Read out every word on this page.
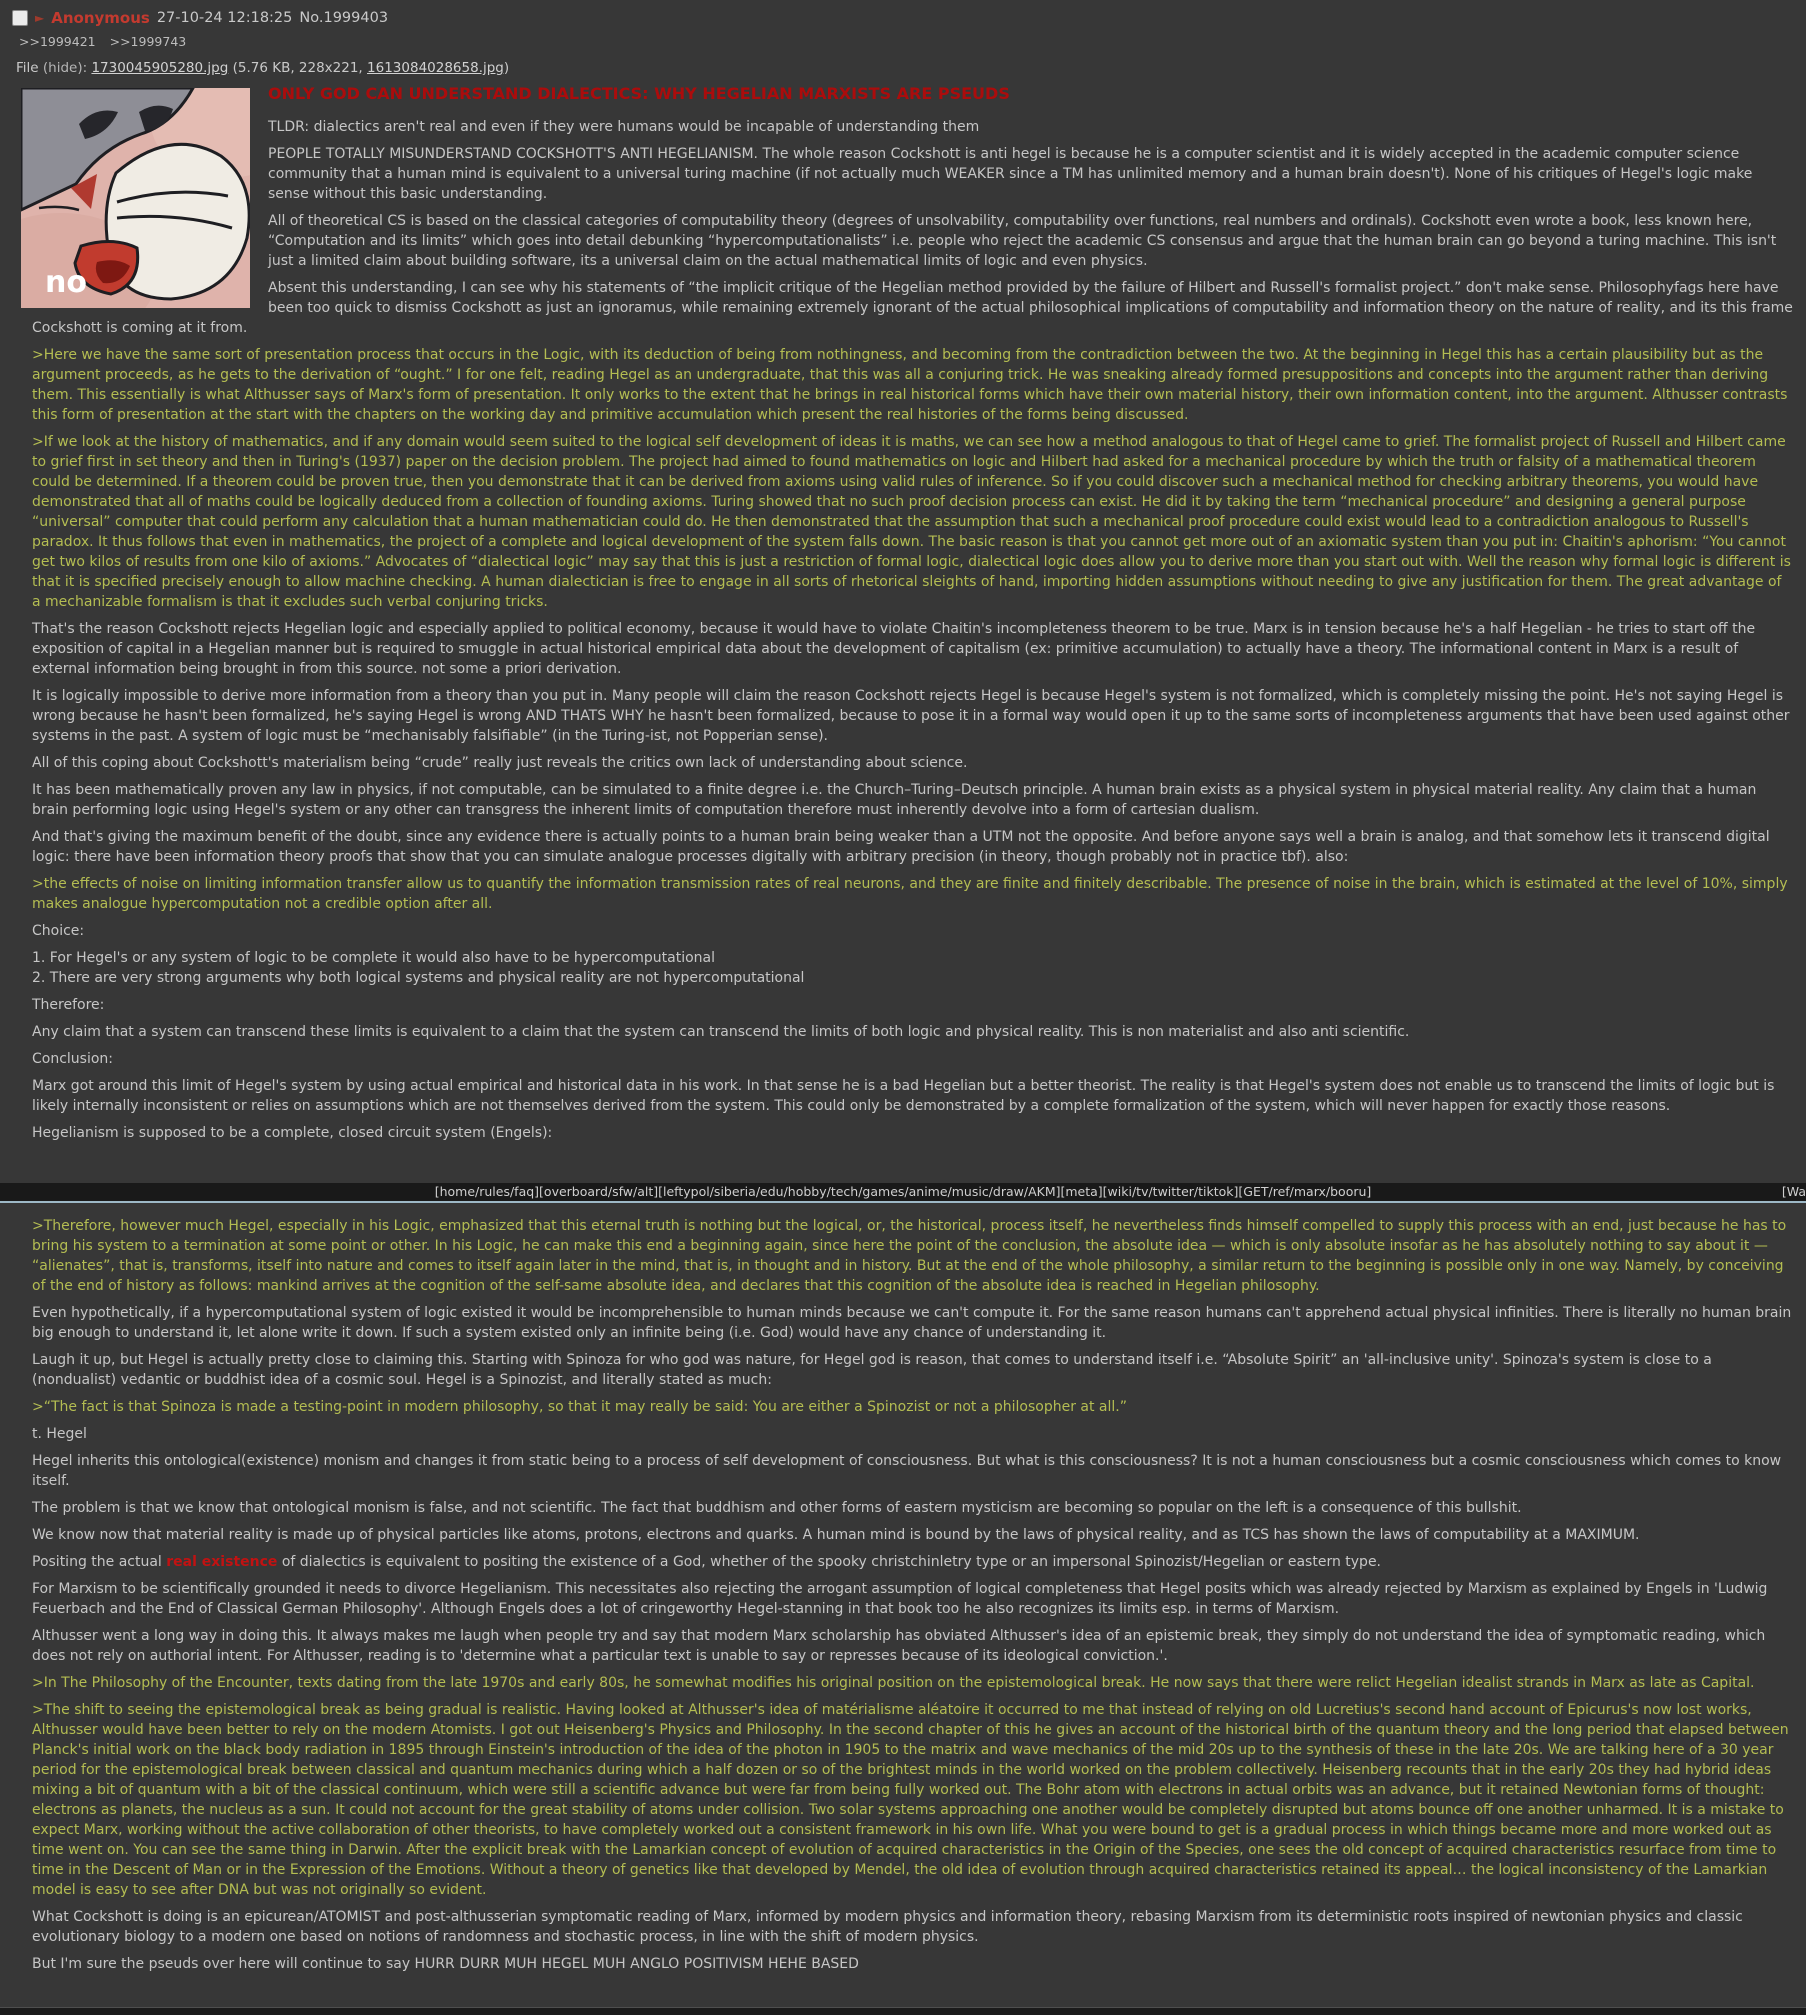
► Anonymous 27-10-24 12:18:25 No.1999403
>>1999421 >>1999743
File (hide): 1730045905280.jpg (5.76 KB, 228x221, 1613084028658.jpg)
no
ONLY GOD CAN UNDERSTAND DIALECTICS: WHY HEGELIAN MARXISTS ARE PSEUDS

TLDR: dialectics aren't real and even if they were humans would be incapable of understanding them

PEOPLE TOTALLY MISUNDERSTAND COCKSHOTT'S ANTI HEGELIANISM. The whole reason Cockshott is anti hegel is because he is a computer scientist and it is widely accepted in the academic computer science community that a human mind is equivalent to a universal turing machine (if not actually much WEAKER since a TM has unlimited memory and a human brain doesn't). None of his critiques of Hegel's logic make sense without this basic understanding.

All of theoretical CS is based on the classical categories of computability theory (degrees of unsolvability, computability over functions, real numbers and ordinals). Cockshott even wrote a book, less known here, “Computation and its limits” which goes into detail debunking “hypercomputationalists” i.e. people who reject the academic CS consensus and argue that the human brain can go beyond a turing machine. This isn't just a limited claim about building software, its a universal claim on the actual mathematical limits of logic and even physics.

Absent this understanding, I can see why his statements of “the implicit critique of the Hegelian method provided by the failure of Hilbert and Russell's formalist project.” don't make sense. Philosophyfags here have been too quick to dismiss Cockshott as just an ignoramus, while remaining extremely ignorant of the actual philosophical implications of computability and information theory on the nature of reality, and its this frame Cockshott is coming at it from.

>Here we have the same sort of presentation process that occurs in the Logic, with its deduction of being from nothingness, and becoming from the contradiction between the two. At the beginning in Hegel this has a certain plausibility but as the argument proceeds, as he gets to the derivation of “ought.” I for one felt, reading Hegel as an undergraduate, that this was all a conjuring trick. He was sneaking already formed presuppositions and concepts into the argument rather than deriving them. This essentially is what Althusser says of Marx's form of presentation. It only works to the extent that he brings in real historical forms which have their own material history, their own information content, into the argument. Althusser contrasts this form of presentation at the start with the chapters on the working day and primitive accumulation which present the real histories of the forms being discussed.

>If we look at the history of mathematics, and if any domain would seem suited to the logical self development of ideas it is maths, we can see how a method analogous to that of Hegel came to grief. The formalist project of Russell and Hilbert came to grief first in set theory and then in Turing's (1937) paper on the decision problem. The project had aimed to found mathematics on logic and Hilbert had asked for a mechanical procedure by which the truth or falsity of a mathematical theorem could be determined. If a theorem could be proven true, then you demonstrate that it can be derived from axioms using valid rules of inference. So if you could discover such a mechanical method for checking arbitrary theorems, you would have demonstrated that all of maths could be logically deduced from a collection of founding axioms. Turing showed that no such proof decision process can exist. He did it by taking the term “mechanical procedure” and designing a general purpose “universal” computer that could perform any calculation that a human mathematician could do. He then demonstrated that the assumption that such a mechanical proof procedure could exist would lead to a contradiction analogous to Russell's paradox. It thus follows that even in mathematics, the project of a complete and logical development of the system falls down. The basic reason is that you cannot get more out of an axiomatic system than you put in: Chaitin's aphorism: “You cannot get two kilos of results from one kilo of axioms.” Advocates of “dialectical logic” may say that this is just a restriction of formal logic, dialectical logic does allow you to derive more than you start out with. Well the reason why formal logic is different is that it is specified precisely enough to allow machine checking. A human dialectician is free to engage in all sorts of rhetorical sleights of hand, importing hidden assumptions without needing to give any justification for them. The great advantage of a mechanizable formalism is that it excludes such verbal conjuring tricks.

That's the reason Cockshott rejects Hegelian logic and especially applied to political economy, because it would have to violate Chaitin's incompleteness theorem to be true. Marx is in tension because he's a half Hegelian - he tries to start off the exposition of capital in a Hegelian manner but is required to smuggle in actual historical empirical data about the development of capitalism (ex: primitive accumulation) to actually have a theory. The informational content in Marx is a result of external information being brought in from this source. not some a priori derivation.

It is logically impossible to derive more information from a theory than you put in. Many people will claim the reason Cockshott rejects Hegel is because Hegel's system is not formalized, which is completely missing the point. He's not saying Hegel is wrong because he hasn't been formalized, he's saying Hegel is wrong AND THATS WHY he hasn't been formalized, because to pose it in a formal way would open it up to the same sorts of incompleteness arguments that have been used against other systems in the past. A system of logic must be “mechanisably falsifiable” (in the Turing-ist, not Popperian sense).

All of this coping about Cockshott's materialism being “crude” really just reveals the critics own lack of understanding about science.

It has been mathematically proven any law in physics, if not computable, can be simulated to a finite degree i.e. the Church–Turing–Deutsch principle. A human brain exists as a physical system in physical material reality. Any claim that a human brain performing logic using Hegel's system or any other can transgress the inherent limits of computation therefore must inherently devolve into a form of cartesian dualism.

And that's giving the maximum benefit of the doubt, since any evidence there is actually points to a human brain being weaker than a UTM not the opposite. And before anyone says well a brain is analog, and that somehow lets it transcend digital logic: there have been information theory proofs that show that you can simulate analogue processes digitally with arbitrary precision (in theory, though probably not in practice tbf). also:

>the effects of noise on limiting information transfer allow us to quantify the information transmission rates of real neurons, and they are finite and finitely describable. The presence of noise in the brain, which is estimated at the level of 10%, simply makes analogue hypercomputation not a credible option after all.

Choice:

1. For Hegel's or any system of logic to be complete it would also have to be hypercomputational

2. There are very strong arguments why both logical systems and physical reality are not hypercomputational

Therefore:

Any claim that a system can transcend these limits is equivalent to a claim that the system can transcend the limits of both logic and physical reality. This is non materialist and also anti scientific.

Conclusion:

Marx got around this limit of Hegel's system by using actual empirical and historical data in his work. In that sense he is a bad Hegelian but a better theorist. The reality is that Hegel's system does not enable us to transcend the limits of logic but is likely internally inconsistent or relies on assumptions which are not themselves derived from the system. This could only be demonstrated by a complete formalization of the system, which will never happen for exactly those reasons.

Hegelianism is supposed to be a complete, closed circuit system (Engels):

[home/rules/faq][overboard/sfw/alt][leftypol/siberia/edu/hobby/tech/games/anime/music/draw/AKM][meta][wiki/tv/twitter/tiktok][GET/ref/marx/booru]	[Wa

>Therefore, however much Hegel, especially in his Logic, emphasized that this eternal truth is nothing but the logical, or, the historical, process itself, he nevertheless finds himself compelled to supply this process with an end, just because he has to bring his system to a termination at some point or other. In his Logic, he can make this end a beginning again, since here the point of the conclusion, the absolute idea — which is only absolute insofar as he has absolutely nothing to say about it — “alienates”, that is, transforms, itself into nature and comes to itself again later in the mind, that is, in thought and in history. But at the end of the whole philosophy, a similar return to the beginning is possible only in one way. Namely, by conceiving of the end of history as follows: mankind arrives at the cognition of the self-same absolute idea, and declares that this cognition of the absolute idea is reached in Hegelian philosophy.

Even hypothetically, if a hypercomputational system of logic existed it would be incomprehensible to human minds because we can't compute it. For the same reason humans can't apprehend actual physical infinities. There is literally no human brain big enough to understand it, let alone write it down. If such a system existed only an infinite being (i.e. God) would have any chance of understanding it.

Laugh it up, but Hegel is actually pretty close to claiming this. Starting with Spinoza for who god was nature, for Hegel god is reason, that comes to understand itself i.e. “Absolute Spirit” an 'all-inclusive unity'. Spinoza's system is close to a (nondualist) vedantic or buddhist idea of a cosmic soul. Hegel is a Spinozist, and literally stated as much:

>“The fact is that Spinoza is made a testing-point in modern philosophy, so that it may really be said: You are either a Spinozist or not a philosopher at all.”

t. Hegel

Hegel inherits this ontological(existence) monism and changes it from static being to a process of self development of consciousness. But what is this consciousness? It is not a human consciousness but a cosmic consciousness which comes to know itself.

The problem is that we know that ontological monism is false, and not scientific. The fact that buddhism and other forms of eastern mysticism are becoming so popular on the left is a consequence of this bullshit.

We know now that material reality is made up of physical particles like atoms, protons, electrons and quarks. A human mind is bound by the laws of physical reality, and as TCS has shown the laws of computability at a MAXIMUM.

Positing the actual real existence of dialectics is equivalent to positing the existence of a God, whether of the spooky christchinletry type or an impersonal Spinozist/Hegelian or eastern type.

For Marxism to be scientifically grounded it needs to divorce Hegelianism. This necessitates also rejecting the arrogant assumption of logical completeness that Hegel posits which was already rejected by Marxism as explained by Engels in 'Ludwig Feuerbach and the End of Classical German Philosophy'. Although Engels does a lot of cringeworthy Hegel-stanning in that book too he also recognizes its limits esp. in terms of Marxism.

Althusser went a long way in doing this. It always makes me laugh when people try and say that modern Marx scholarship has obviated Althusser's idea of an epistemic break, they simply do not understand the idea of symptomatic reading, which does not rely on authorial intent. For Althusser, reading is to 'determine what a particular text is unable to say or represses because of its ideological conviction.'.

>In The Philosophy of the Encounter, texts dating from the late 1970s and early 80s, he somewhat modifies his original position on the epistemological break. He now says that there were relict Hegelian idealist strands in Marx as late as Capital.

>The shift to seeing the epistemological break as being gradual is realistic. Having looked at Althusser's idea of matérialisme aléatoire it occurred to me that instead of relying on old Lucretius's second hand account of Epicurus's now lost works, Althusser would have been better to rely on the modern Atomists. I got out Heisenberg's Physics and Philosophy. In the second chapter of this he gives an account of the historical birth of the quantum theory and the long period that elapsed between Planck's initial work on the black body radiation in 1895 through Einstein's introduction of the idea of the photon in 1905 to the matrix and wave mechanics of the mid 20s up to the synthesis of these in the late 20s. We are talking here of a 30 year period for the epistemological break between classical and quantum mechanics during which a half dozen or so of the brightest minds in the world worked on the problem collectively. Heisenberg recounts that in the early 20s they had hybrid ideas mixing a bit of quantum with a bit of the classical continuum, which were still a scientific advance but were far from being fully worked out. The Bohr atom with electrons in actual orbits was an advance, but it retained Newtonian forms of thought: electrons as planets, the nucleus as a sun. It could not account for the great stability of atoms under collision. Two solar systems approaching one another would be completely disrupted but atoms bounce off one another unharmed. It is a mistake to expect Marx, working without the active collaboration of other theorists, to have completely worked out a consistent framework in his own life. What you were bound to get is a gradual process in which things became more and more worked out as time went on. You can see the same thing in Darwin. After the explicit break with the Lamarkian concept of evolution of acquired characteristics in the Origin of the Species, one sees the old concept of acquired characteristics resurface from time to time in the Descent of Man or in the Expression of the Emotions. Without a theory of genetics like that developed by Mendel, the old idea of evolution through acquired characteristics retained its appeal… the logical inconsistency of the Lamarkian model is easy to see after DNA but was not originally so evident.

What Cockshott is doing is an epicurean/ATOMIST and post-althusserian symptomatic reading of Marx, informed by modern physics and information theory, rebasing Marxism from its deterministic roots inspired of newtonian physics and classic evolutionary biology to a modern one based on notions of randomness and stochastic process, in line with the shift of modern physics.

But I'm sure the pseuds over here will continue to say HURR DURR MUH HEGEL MUH ANGLO POSITIVISM HEHE BASED
